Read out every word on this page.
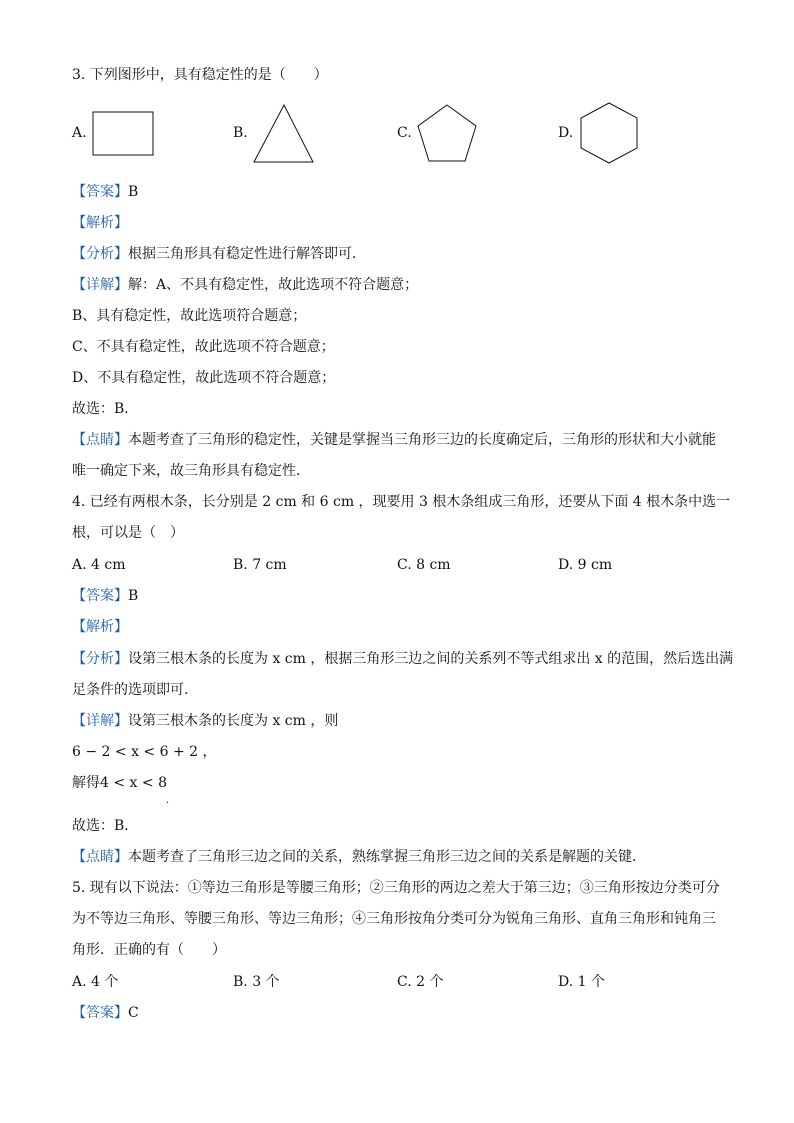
3. 下列图形中，具有稳定性的是（　　）
A.	B.	C.	D.
【答案】B
【解析】
【分析】根据三角形具有稳定性进行解答即可．
【详解】解：A、不具有稳定性，故此选项不符合题意；
B、具有稳定性，故此选项符合题意；
C、不具有稳定性，故此选项不符合题意；
D、不具有稳定性，故此选项不符合题意；
故选：B．
【点睛】本题考查了三角形的稳定性，关键是掌握当三角形三边的长度确定后，三角形的形状和大小就能
唯一确定下来，故三角形具有稳定性．
4. 已经有两根木条，长分别是 2 cm 和 6 cm ，现要用 3 根木条组成三角形，还要从下面 4 根木条中选一
根，可以是（　）
A. 4 cm	B. 7 cm	C. 8 cm	D. 9 cm
【答案】B
【解析】
【分析】设第三根木条的长度为 x cm ，根据三角形三边之间的关系列不等式组求出 x 的范围，然后选出满
足条件的选项即可.
【详解】设第三根木条的长度为 x cm ，则
6 − 2 < x < 6 + 2 ，
解得4 < x < 8
.
故选：B．
【点睛】本题考查了三角形三边之间的关系，熟练掌握三角形三边之间的关系是解题的关键.
5. 现有以下说法：①等边三角形是等腰三角形；②三角形的两边之差大于第三边；③三角形按边分类可分
为不等边三角形、等腰三角形、等边三角形；④三角形按角分类可分为锐角三角形、直角三角形和钝角三
角形．正确的有（　　）
A. 4 个	B. 3 个	C. 2 个	D. 1 个
【答案】C
